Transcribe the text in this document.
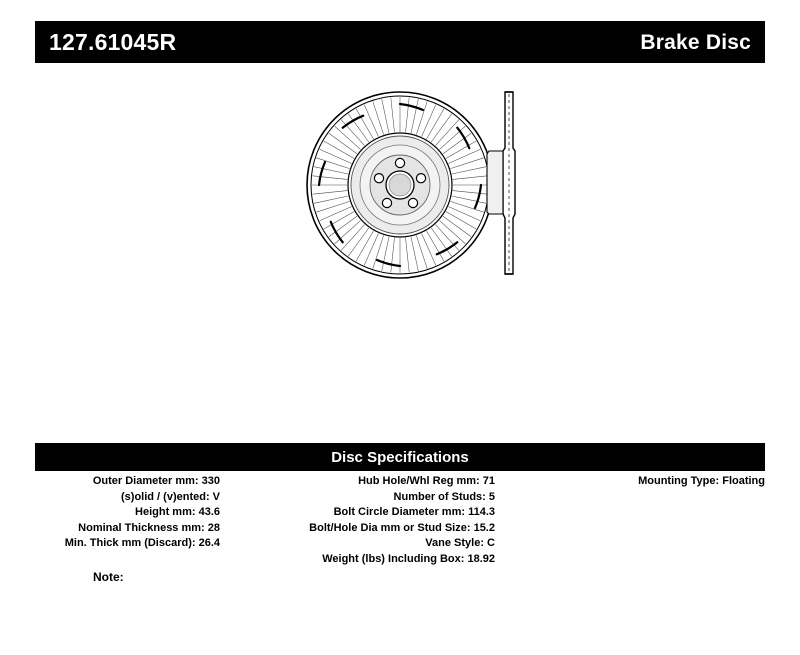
127.61045R	Brake Disc
Disc Specifications
Outer Diameter mm: 330
(s)olid / (v)ented: V
Height mm: 43.6
Nominal Thickness mm: 28
Min. Thick mm (Discard): 26.4
Hub Hole/Whl Reg mm: 71
Number of Studs: 5
Bolt Circle Diameter mm: 114.3
Bolt/Hole Dia mm or Stud Size: 15.2
Vane Style: C
Weight (lbs) Including Box: 18.92
Mounting Type: Floating
Note:
